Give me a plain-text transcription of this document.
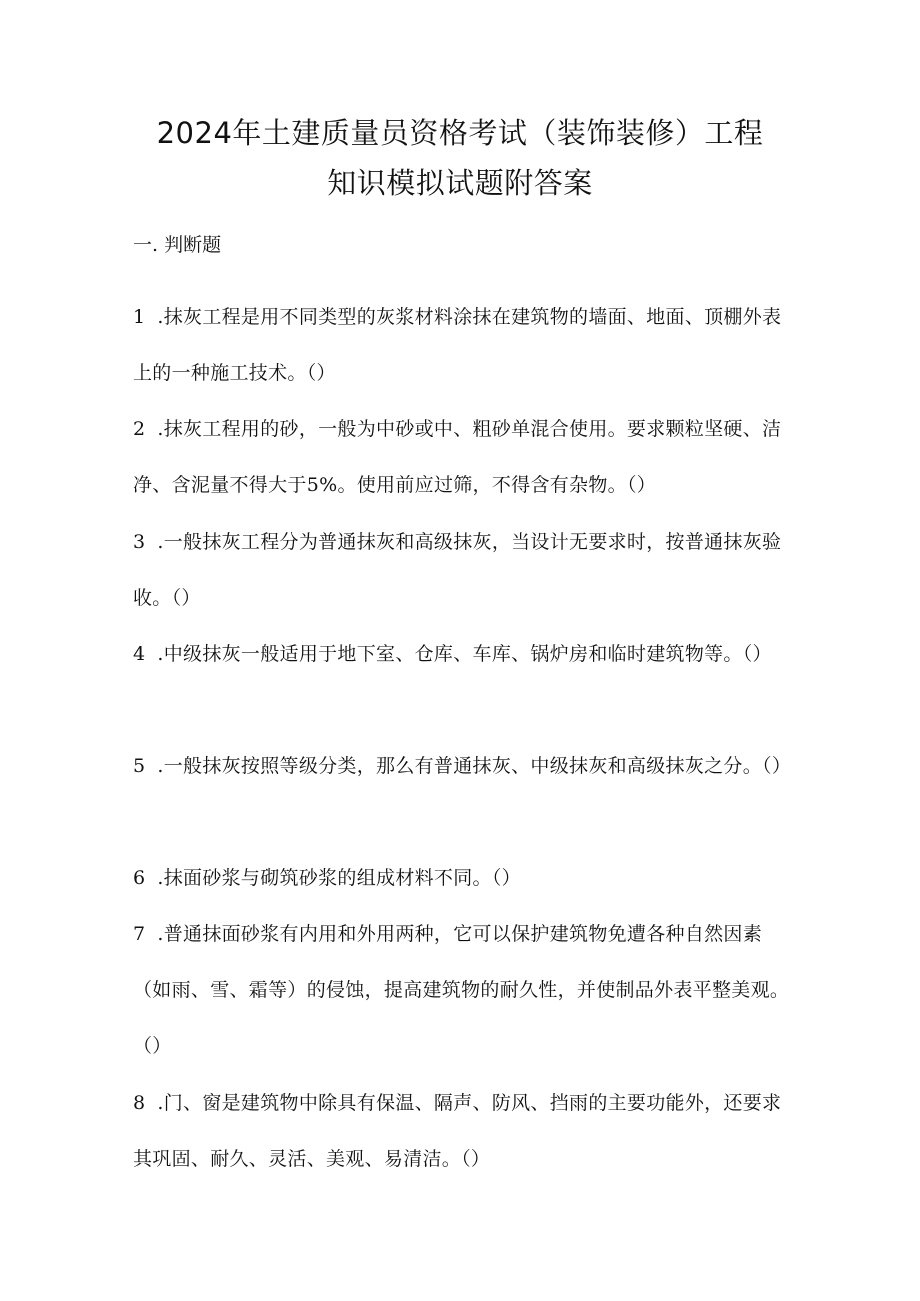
2024年土建质量员资格考试（装饰装修）工程
知识模拟试题附答案
一. 判断题
1 .抹灰工程是用不同类型的灰浆材料涂抹在建筑物的墙面、地面、顶棚外表上的一种施工技术。（）
2 .抹灰工程用的砂，一般为中砂或中、粗砂单混合使用。要求颗粒坚硬、洁净、含泥量不得大于5%。使用前应过筛，不得含有杂物。（）
3 .一般抹灰工程分为普通抹灰和高级抹灰，当设计无要求时，按普通抹灰验收。（）
4 .中级抹灰一般适用于地下室、仓库、车库、锅炉房和临时建筑物等。（）
5 .一般抹灰按照等级分类，那么有普通抹灰、中级抹灰和高级抹灰之分。（）
6 .抹面砂浆与砌筑砂浆的组成材料不同。（）
7 .普通抹面砂浆有内用和外用两种，它可以保护建筑物免遭各种自然因素（如雨、雪、霜等）的侵蚀，提高建筑物的耐久性，并使制品外表平整美观。（）
8 .门、窗是建筑物中除具有保温、隔声、防风、挡雨的主要功能外，还要求其巩固、耐久、灵活、美观、易清洁。（）
